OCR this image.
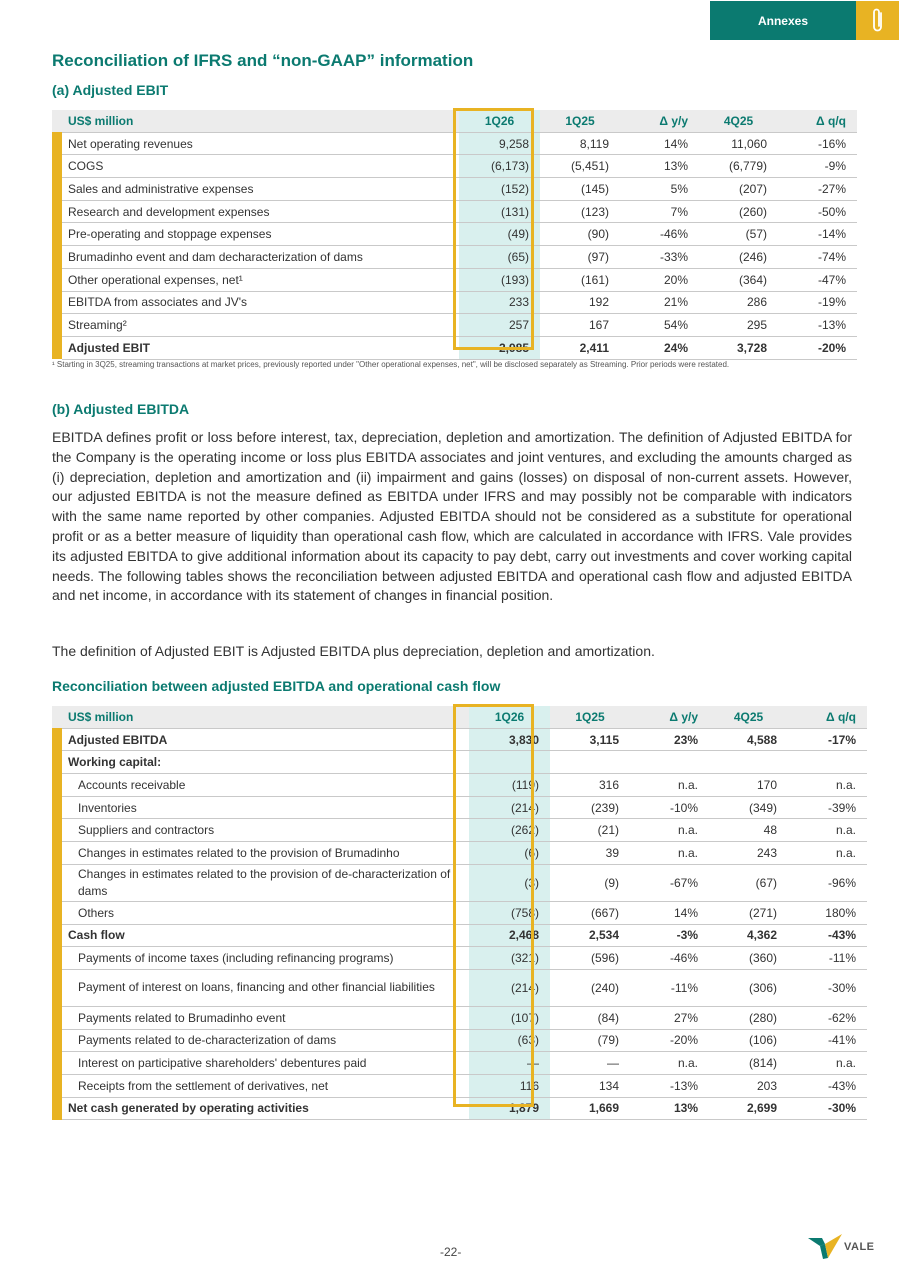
Annexes
Reconciliation of IFRS and “non-GAAP” information
(a) Adjusted EBIT
	US$ million	1Q26	1Q25	Δ y/y	4Q25	Δ q/q
	Net operating revenues	9,258	8,119	14%	11,060	-16%
	COGS	(6,173)	(5,451)	13%	(6,779)	-9%
	Sales and administrative expenses	(152)	(145)	5%	(207)	-27%
	Research and development expenses	(131)	(123)	7%	(260)	-50%
	Pre-operating and stoppage expenses	(49)	(90)	-46%	(57)	-14%
	Brumadinho event and dam decharacterization of dams	(65)	(97)	-33%	(246)	-74%
	Other operational expenses, net¹	(193)	(161)	20%	(364)	-47%
	EBITDA from associates and JV's	233	192	21%	286	-19%
	Streaming²	257	167	54%	295	-13%
	Adjusted EBIT	2,985	2,411	24%	3,728	-20%
¹ Starting in 3Q25, streaming transactions at market prices, previously reported under "Other operational expenses, net", will be disclosed separately as Streaming. Prior periods were restated.
(b) Adjusted EBITDA

EBITDA defines profit or loss before interest, tax, depreciation, depletion and amortization. The definition of Adjusted EBITDA for the Company is the operating income or loss plus EBITDA associates and joint ventures, and excluding the amounts charged as (i) depreciation, depletion and amortization and (ii) impairment and gains (losses) on disposal of non-current assets. However, our adjusted EBITDA is not the measure defined as EBITDA under IFRS and may possibly not be comparable with indicators with the same name reported by other companies. Adjusted EBITDA should not be considered as a substitute for operational profit or as a better measure of liquidity than operational cash flow, which are calculated in accordance with IFRS. Vale provides its adjusted EBITDA to give additional information about its capacity to pay debt, carry out investments and cover working capital needs. The following tables shows the reconciliation between adjusted EBITDA and operational cash flow and adjusted EBITDA and net income, in accordance with its statement of changes in financial position.

The definition of Adjusted EBIT is Adjusted EBITDA plus depreciation, depletion and amortization.

Reconciliation between adjusted EBITDA and operational cash flow
	US$ million	1Q26	1Q25	Δ y/y	4Q25	Δ q/q
	Adjusted EBITDA	3,830	3,115	23%	4,588	-17%
	Working capital:					
	Accounts receivable	(119)	316	n.a.	170	n.a.
	Inventories	(214)	(239)	-10%	(349)	-39%
	Suppliers and contractors	(262)	(21)	n.a.	48	n.a.
	Changes in estimates related to the provision of Brumadinho	(6)	39	n.a.	243	n.a.
	Changes in estimates related to the provision of de-characterization of dams	(3)	(9)	-67%	(67)	-96%
	Others	(758)	(667)	14%	(271)	180%
	Cash flow	2,468	2,534	-3%	4,362	-43%
	Payments of income taxes (including refinancing programs)	(321)	(596)	-46%	(360)	-11%
	Payment of interest on loans, financing and other financial liabilities	(214)	(240)	-11%	(306)	-30%
	Payments related to Brumadinho event	(107)	(84)	27%	(280)	-62%
	Payments related to de-characterization of dams	(63)	(79)	-20%	(106)	-41%
	Interest on participative shareholders' debentures paid	—	—	n.a.	(814)	n.a.
	Receipts from the settlement of derivatives, net	116	134	-13%	203	-43%
	Net cash generated by operating activities	1,879	1,669	13%	2,699	-30%
-22-	VALE
